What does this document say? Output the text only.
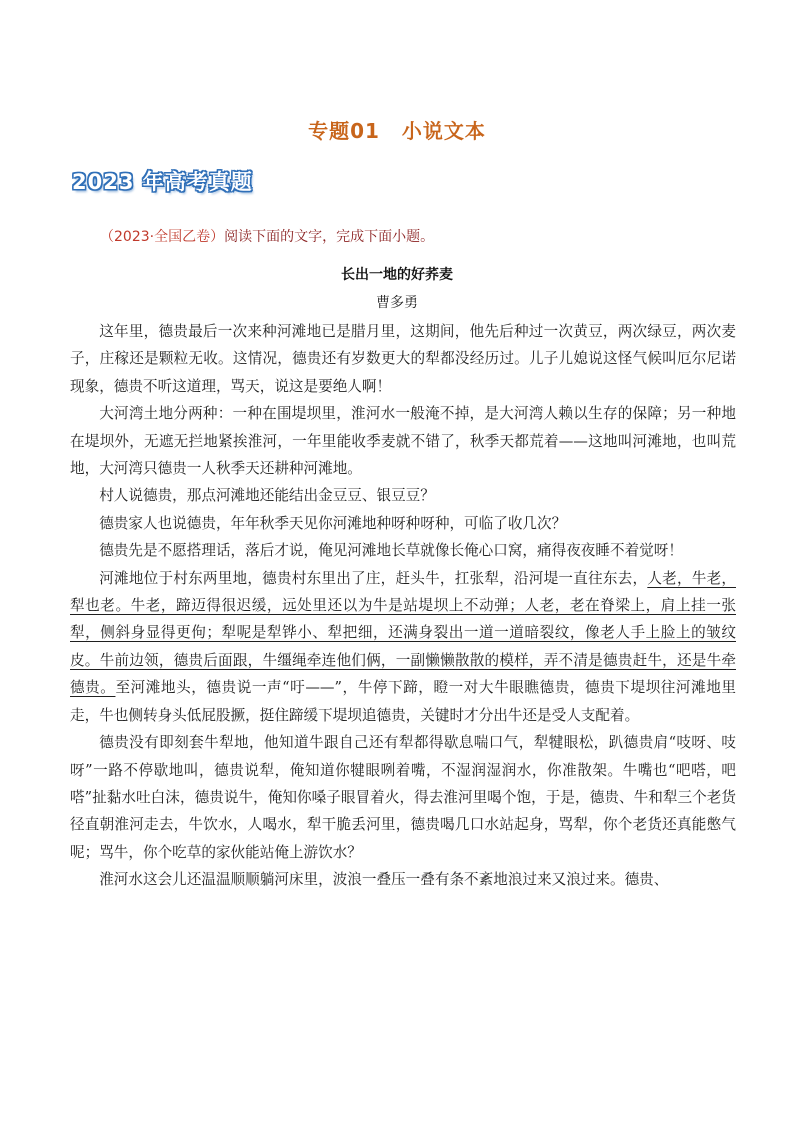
专题01 小说文本
2023 年高考真题
（2023·全国乙卷）阅读下面的文字，完成下面小题。
长出一地的好荞麦
曹多勇

这年里，德贵最后一次来种河滩地已是腊月里，这期间，他先后种过一次黄豆，两次绿豆，两次麦子，庄稼还是颗粒无收。这情况，德贵还有岁数更大的犁都没经历过。儿子儿媳说这怪气候叫厄尔尼诺现象，德贵不听这道理，骂天，说这是要绝人啊！

大河湾土地分两种：一种在围堤坝里，淮河水一般淹不掉，是大河湾人赖以生存的保障；另一种地在堤坝外，无遮无拦地紧挨淮河，一年里能收季麦就不错了，秋季天都荒着——这地叫河滩地，也叫荒地，大河湾只德贵一人秋季天还耕种河滩地。

村人说德贵，那点河滩地还能结出金豆豆、银豆豆？

德贵家人也说德贵，年年秋季天见你河滩地种呀种呀种，可临了收几次？

德贵先是不愿搭理话，落后才说，俺见河滩地长草就像长俺心口窝，痛得夜夜睡不着觉呀！

河滩地位于村东两里地，德贵村东里出了庄，赶头牛，扛张犁，沿河堤一直往东去，人老，牛老，犁也老。牛老，蹄迈得很迟缓，远处里还以为牛是站堤坝上不动弹；人老，老在脊梁上，肩上挂一张犁，侧斜身显得更佝；犁呢是犁铧小、犁把细，还满身裂出一道一道暗裂纹，像老人手上脸上的皱纹皮。牛前边领，德贵后面跟，牛缰绳牵连他们俩，一副懒懒散散的模样，弄不清是德贵赶牛，还是牛牵德贵。至河滩地头，德贵说一声“吁——”，牛停下蹄，瞪一对大牛眼瞧德贵，德贵下堤坝往河滩地里走，牛也侧转身头低屁股撅，挺住蹄缓下堤坝追德贵，关键时才分出牛还是受人支配着。

德贵没有即刻套牛犁地，他知道牛跟自己还有犁都得歇息喘口气，犁犍眼松，趴德贵肩“吱呀、吱呀”一路不停歇地叫，德贵说犁，俺知道你犍眼咧着嘴，不湿润湿润水，你准散架。牛嘴也“吧嗒，吧嗒”扯黏水吐白沫，德贵说牛，俺知你嗓子眼冒着火，得去淮河里喝个饱，于是，德贵、牛和犁三个老货径直朝淮河走去，牛饮水，人喝水，犁干脆丢河里，德贵喝几口水站起身，骂犁，你个老货还真能憋气呢；骂牛，你个吃草的家伙能站俺上游饮水？

淮河水这会儿还温温顺顺躺河床里，波浪一叠压一叠有条不紊地浪过来又浪过来。德贵、
